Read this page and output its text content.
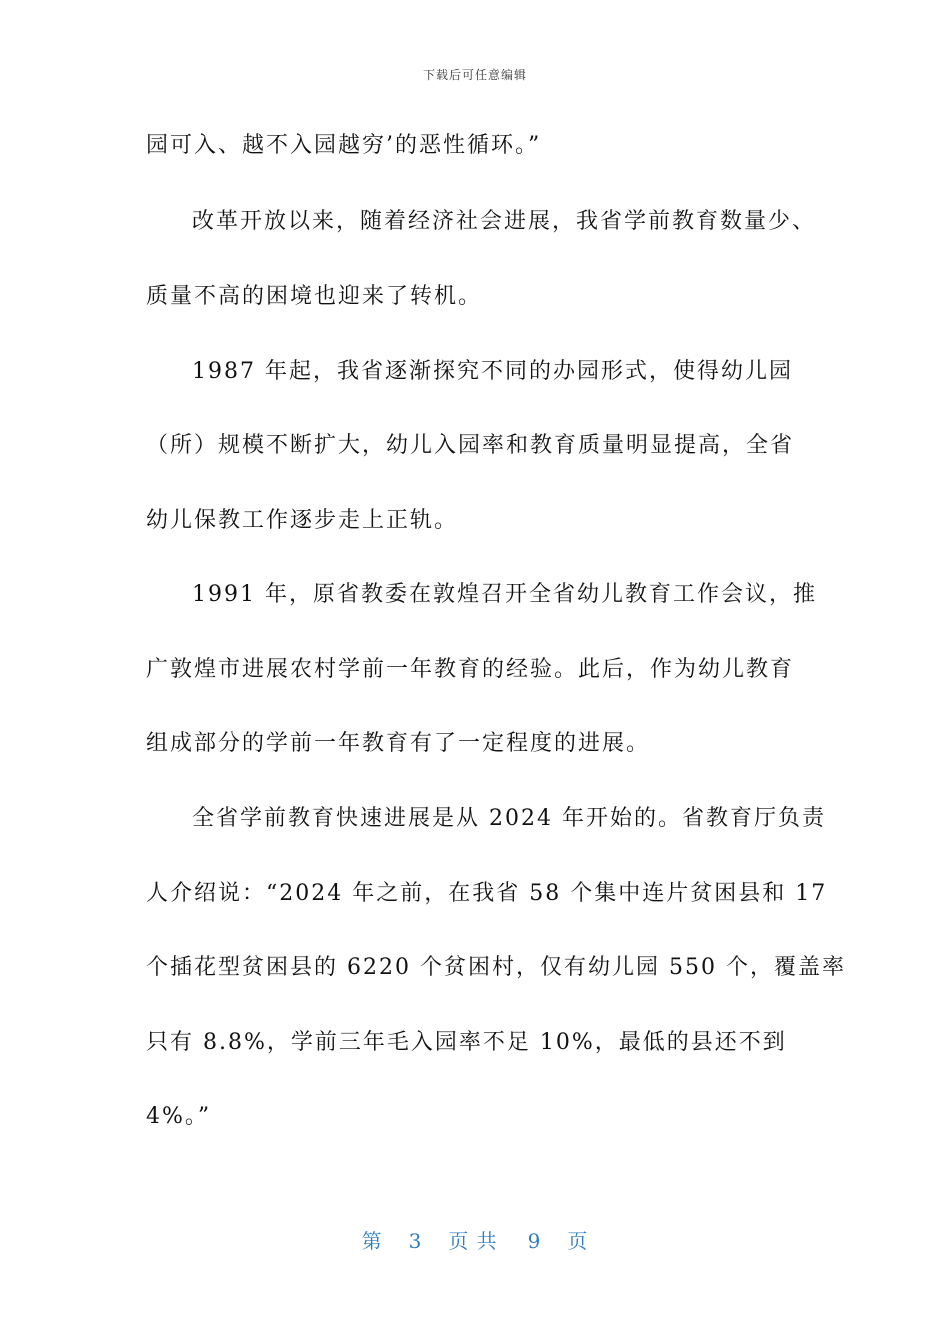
下载后可任意编辑
园可入、越不入园越穷’的恶性循环。”
改革开放以来，随着经济社会进展，我省学前教育数量少、
质量不高的困境也迎来了转机。
1987 年起，我省逐渐探究不同的办园形式，使得幼儿园
（所）规模不断扩大，幼儿入园率和教育质量明显提高，全省
幼儿保教工作逐步走上正轨。
1991 年，原省教委在敦煌召开全省幼儿教育工作会议，推
广敦煌市进展农村学前一年教育的经验。此后，作为幼儿教育
组成部分的学前一年教育有了一定程度的进展。
全省学前教育快速进展是从 2024 年开始的。省教育厅负责
人介绍说：“2024 年之前，在我省 58 个集中连片贫困县和 17
个插花型贫困县的 6220 个贫困村，仅有幼儿园 550 个，覆盖率
只有 8.8%，学前三年毛入园率不足 10%，最低的县还不到
4%。”
第 3 页 共 9 页
